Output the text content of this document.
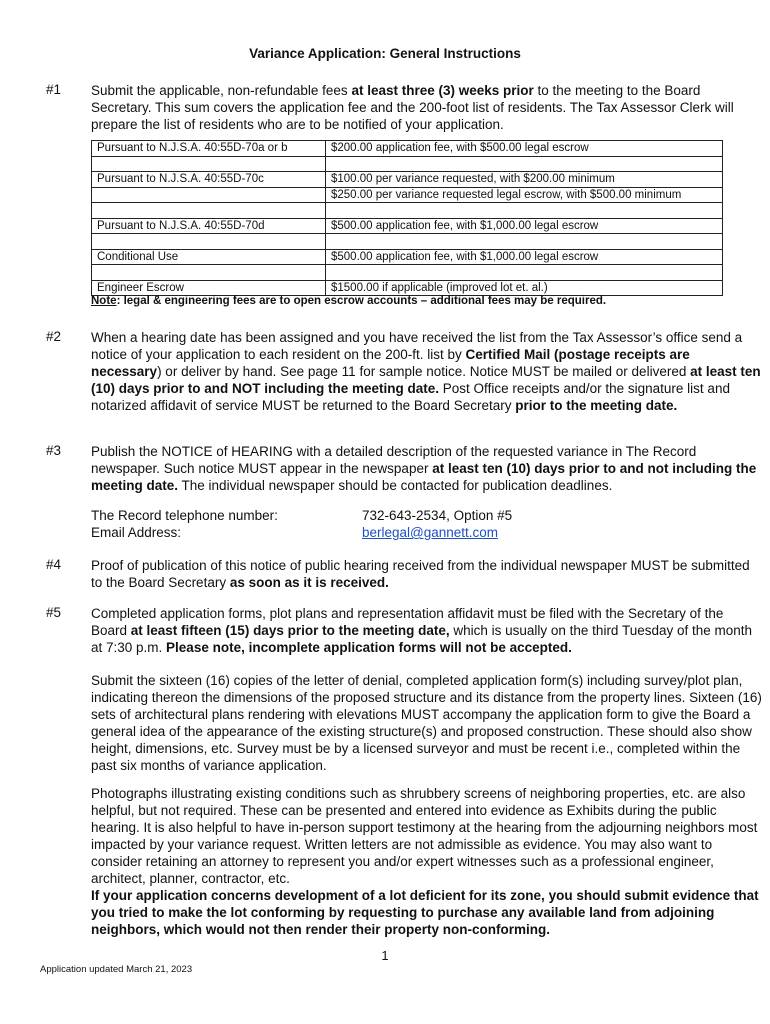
Variance Application: General Instructions
#1 Submit the applicable, non-refundable fees at least three (3) weeks prior to the meeting to the Board Secretary. This sum covers the application fee and the 200-foot list of residents. The Tax Assessor Clerk will prepare the list of residents who are to be notified of your application.

Pursuant to N.J.S.A. 40:55D-70a or b	$200.00 application fee, with $500.00 legal escrow

Pursuant to N.J.S.A. 40:55D-70c	$100.00 per variance requested, with $200.00 minimum
	$250.00 per variance requested legal escrow, with $500.00 minimum

Pursuant to N.J.S.A. 40:55D-70d	$500.00 application fee, with $1,000.00 legal escrow

Conditional Use	$500.00 application fee, with $1,000.00 legal escrow

Engineer Escrow	$1500.00 if applicable (improved lot et. al.)
Note: legal & engineering fees are to open escrow accounts – additional fees may be required.
#2 When a hearing date has been assigned and you have received the list from the Tax Assessor’s office send a notice of your application to each resident on the 200-ft. list by Certified Mail (postage receipts are necessary) or deliver by hand. See page 11 for sample notice. Notice MUST be mailed or delivered at least ten (10) days prior to and NOT including the meeting date. Post Office receipts and/or the signature list and notarized affidavit of service MUST be returned to the Board Secretary prior to the meeting date.

#3 Publish the NOTICE of HEARING with a detailed description of the requested variance in The Record newspaper. Such notice MUST appear in the newspaper at least ten (10) days prior to and not including the meeting date. The individual newspaper should be contacted for publication deadlines.

The Record telephone number:	732-643-2534, Option #5
Email Address:	berlegal@gannett.com
#4 Proof of publication of this notice of public hearing received from the individual newspaper MUST be submitted to the Board Secretary as soon as it is received.

#5 Completed application forms, plot plans and representation affidavit must be filed with the Secretary of the Board at least fifteen (15) days prior to the meeting date, which is usually on the third Tuesday of the month at 7:30 p.m. Please note, incomplete application forms will not be accepted.

Submit the sixteen (16) copies of the letter of denial, completed application form(s) including survey/plot plan, indicating thereon the dimensions of the proposed structure and its distance from the property lines. Sixteen (16) sets of architectural plans rendering with elevations MUST accompany the application form to give the Board a general idea of the appearance of the existing structure(s) and proposed construction. These should also show height, dimensions, etc. Survey must be by a licensed surveyor and must be recent i.e., completed within the past six months of variance application.

Photographs illustrating existing conditions such as shrubbery screens of neighboring properties, etc. are also helpful, but not required. These can be presented and entered into evidence as Exhibits during the public hearing. It is also helpful to have in-person support testimony at the hearing from the adjourning neighbors most impacted by your variance request. Written letters are not admissible as evidence. You may also want to consider retaining an attorney to represent you and/or expert witnesses such as a professional engineer, architect, planner, contractor, etc.

If your application concerns development of a lot deficient for its zone, you should submit evidence that you tried to make the lot conforming by requesting to purchase any available land from adjoining neighbors, which would not then render their property non-conforming.

1
Application updated March 21, 2023
